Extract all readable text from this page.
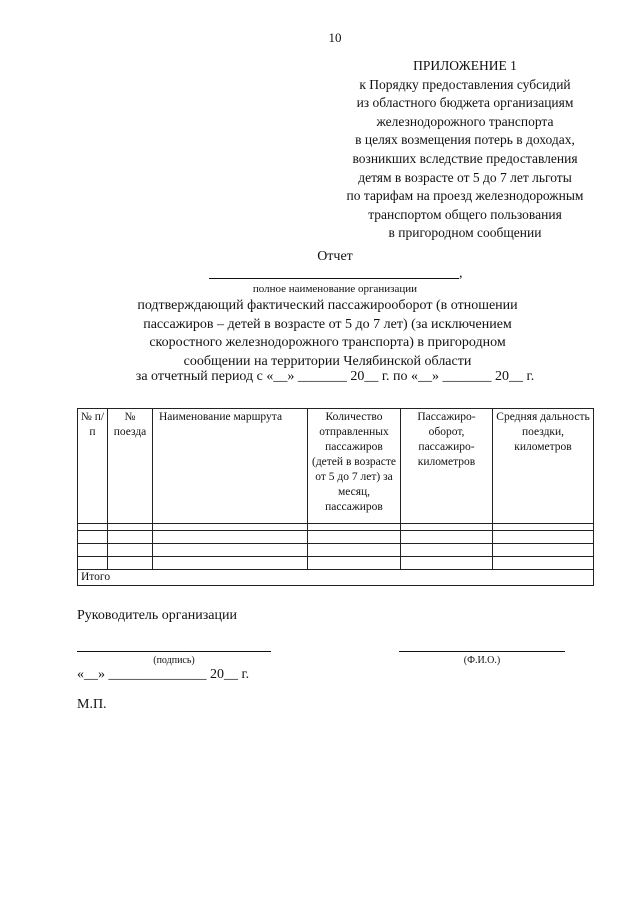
10
ПРИЛОЖЕНИЕ 1
к Порядку предоставления субсидий
из областного бюджета организациям
железнодорожного транспорта
в целях возмещения потерь в доходах,
возникших вследствие предоставления
детям в возрасте от 5 до 7 лет льготы
по тарифам на проезд железнодорожным
транспортом общего пользования
в пригородном сообщении
Отчет
,
полное наименование организации
подтверждающий фактический пассажирооборот (в отношении
пассажиров – детей в возрасте от 5 до 7 лет) (за исключением
скоростного железнодорожного транспорта) в пригородном
сообщении на территории Челябинской области
за отчетный период с «__» _______ 20__ г. по «__» _______ 20__ г.
№ п/п	№ поезда	Наименование маршрута	Количество отправленных пассажиров (детей в возрасте от 5 до 7 лет) за месяц, пассажиров	Пассажиро-оборот, пассажиро-километров	Средняя дальность поездки, километров

Итого					
Руководитель организации
(подпись)	(Ф.И.О.)
«__» ______________ 20__ г.
М.П.
